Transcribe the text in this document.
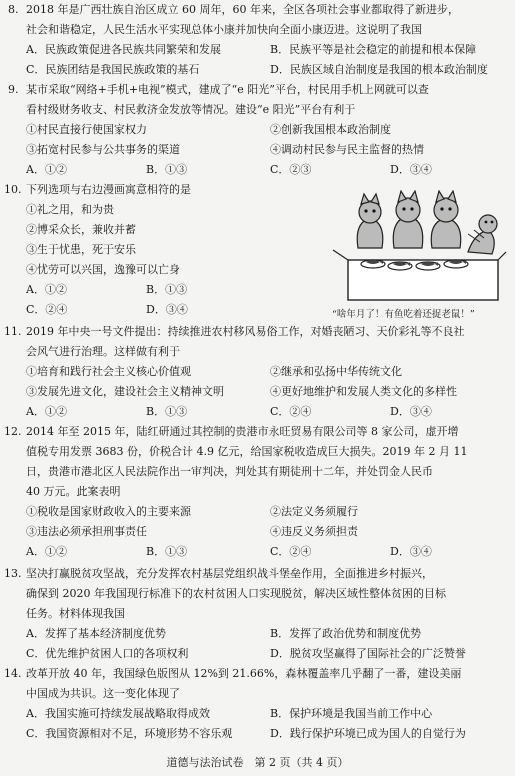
8. 2018 年是广西壮族自治区成立 60 周年，60 年来，全区各项社会事业都取得了新进步，
社会和谐稳定，人民生活水平实现总体小康并加快向全面小康迈进。这说明了我国
A．民族政策促进各民族共同繁荣和发展	B．民族平等是社会稳定的前提和根本保障
C．民族团结是我国民族政策的基石	D．民族区域自治制度是我国的根本政治制度
9. 某市采取“网络+手机+电视”模式，建成了“e 阳光”平台，村民用手机上网就可以查
看村级财务收支、村民救济金发放等情况。建设“e 阳光”平台有利于
①村民直接行使国家权力	②创新我国根本政治制度
③拓宽村民参与公共事务的渠道	④调动村民参与民主监督的热情
A．①②	B．①③	C．②③	D．③④
10. 下列选项与右边漫画寓意相符的是
①礼之用，和为贵
②博采众长，兼收并蓄
③生于忧患，死于安乐
④忧劳可以兴国，逸豫可以亡身
A．①②	B．①③
C．②④	D．③④	“啥年月了！有鱼吃着还捉老鼠！”
11. 2019 年中央一号文件提出：持续推进农村移风易俗工作，对婚丧陋习、天价彩礼等不良社
会风气进行治理。这样做有利于
①培育和践行社会主义核心价值观	②继承和弘扬中华传统文化
③发展先进文化，建设社会主义精神文明	④更好地维护和发展人类文化的多样性
A．①②	B．①③	C．②④	D．③④
12. 2014 年至 2015 年，陆红研通过其控制的贵港市永旺贸易有限公司等 8 家公司，虚开增
值税专用发票 3683 份，价税合计 4.9 亿元，给国家税收造成巨大损失。2019 年 2 月 11
日，贵港市港北区人民法院作出一审判决，判处其有期徒刑十二年，并处罚金人民币
40 万元。此案表明
①税收是国家财政收入的主要来源	②法定义务须履行
③违法必须承担刑事责任	④违反义务须担责
A．①②	B．①③	C．②④	D．③④
13. 坚决打赢脱贫攻坚战，充分发挥农村基层党组织战斗堡垒作用，全面推进乡村振兴，
确保到 2020 年我国现行标准下的农村贫困人口实现脱贫，解决区域性整体贫困的目标
任务。材料体现我国
A．发挥了基本经济制度优势	B．发挥了政治优势和制度优势
C．优先维护贫困人口的各项权利	D．脱贫攻坚赢得了国际社会的广泛赞誉
14. 改革开放 40 年，我国绿色版图从 12%到 21.66%，森林覆盖率几乎翻了一番，建设美丽
中国成为共识。这一变化体现了
A．我国实施可持续发展战略取得成效	B．保护环境是我国当前工作中心
C．我国资源相对不足，环境形势不容乐观	D．践行保护环境已成为国人的自觉行为
道德与法治试卷　第 2 页（共 4 页）
